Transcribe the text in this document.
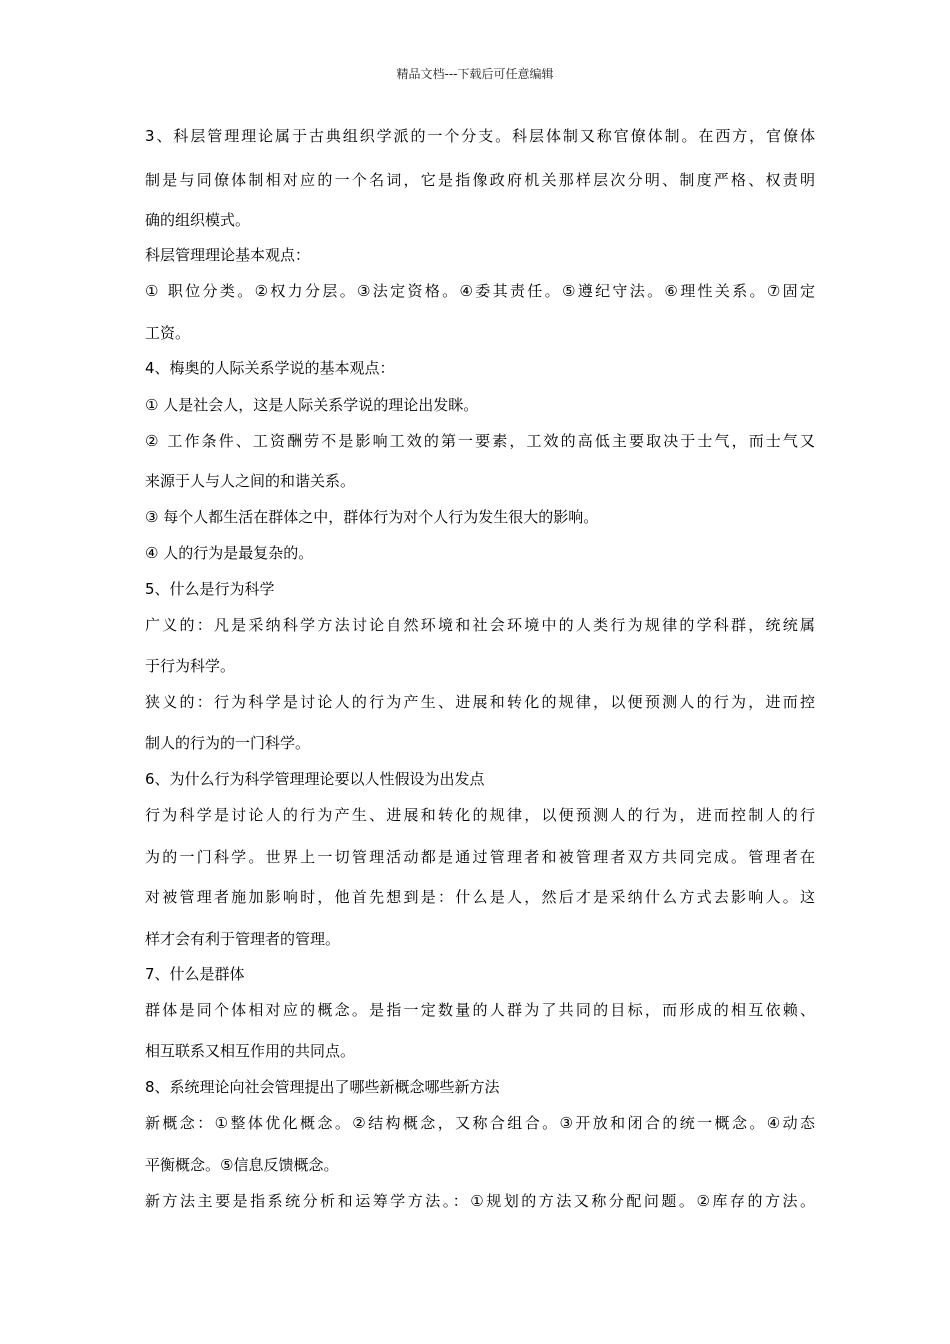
精品文档---下载后可任意编辑
3、科层管理理论属于古典组织学派的一个分支。科层体制又称官僚体制。在西方，官僚体
制是与同僚体制相对应的一个名词，它是指像政府机关那样层次分明、制度严格、权责明
确的组织模式。
科层管理理论基本观点：
① 职位分类。②权力分层。③法定资格。④委其责任。⑤遵纪守法。⑥理性关系。⑦固定
工资。
4、梅奥的人际关系学说的基本观点：
① 人是社会人，这是人际关系学说的理论出发眯。
② 工作条件、工资酬劳不是影响工效的第一要素，工效的高低主要取决于士气，而士气又
来源于人与人之间的和谐关系。
③ 每个人都生活在群体之中，群体行为对个人行为发生很大的影响。
④ 人的行为是最复杂的。
5、什么是行为科学
广义的：凡是采纳科学方法讨论自然环境和社会环境中的人类行为规律的学科群，统统属
于行为科学。
狭义的：行为科学是讨论人的行为产生、进展和转化的规律，以便预测人的行为，进而控
制人的行为的一门科学。
6、为什么行为科学管理理论要以人性假设为出发点
行为科学是讨论人的行为产生、进展和转化的规律，以便预测人的行为，进而控制人的行
为的一门科学。世界上一切管理活动都是通过管理者和被管理者双方共同完成。管理者在
对被管理者施加影响时，他首先想到是：什么是人，然后才是采纳什么方式去影响人。这
样才会有利于管理者的管理。
7、什么是群体
群体是同个体相对应的概念。是指一定数量的人群为了共同的目标，而形成的相互依赖、
相互联系又相互作用的共同点。
8、系统理论向社会管理提出了哪些新概念哪些新方法
新概念：①整体优化概念。②结构概念，又称合组合。③开放和闭合的统一概念。④动态
平衡概念。⑤信息反馈概念。
新方法主要是指系统分析和运筹学方法。：①规划的方法又称分配问题。②库存的方法。
